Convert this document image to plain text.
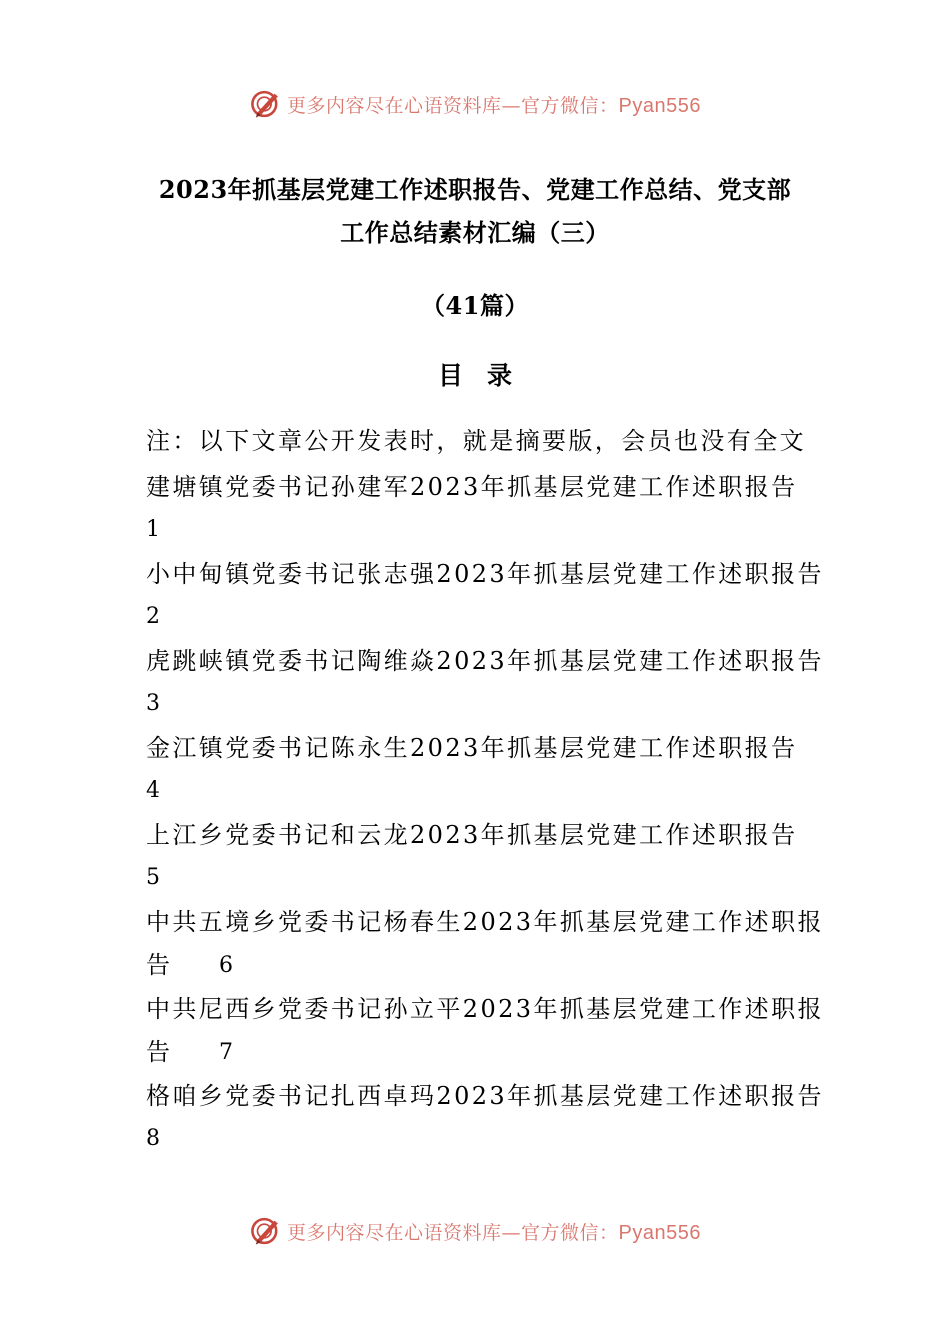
更多内容尽在心语资料库—官方微信：Pyan556
2023年抓基层党建工作述职报告、党建工作总结、党支部
工作总结素材汇编（三）
（41篇）
目录
注：以下文章公开发表时，就是摘要版，会员也没有全文
建塘镇党委书记孙建军2023年抓基层党建工作述职报告
1
小中甸镇党委书记张志强2023年抓基层党建工作述职报告
2
虎跳峡镇党委书记陶维焱2023年抓基层党建工作述职报告
3
金江镇党委书记陈永生2023年抓基层党建工作述职报告
4
上江乡党委书记和云龙2023年抓基层党建工作述职报告
5
中共五境乡党委书记杨春生2023年抓基层党建工作述职报
告 6
中共尼西乡党委书记孙立平2023年抓基层党建工作述职报
告 7
格咱乡党委书记扎西卓玛2023年抓基层党建工作述职报告
8
更多内容尽在心语资料库—官方微信：Pyan556
